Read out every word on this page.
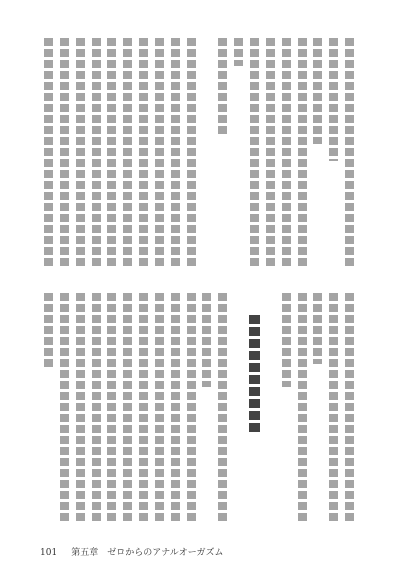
101 第五章　ゼロからのアナルオーガズム
